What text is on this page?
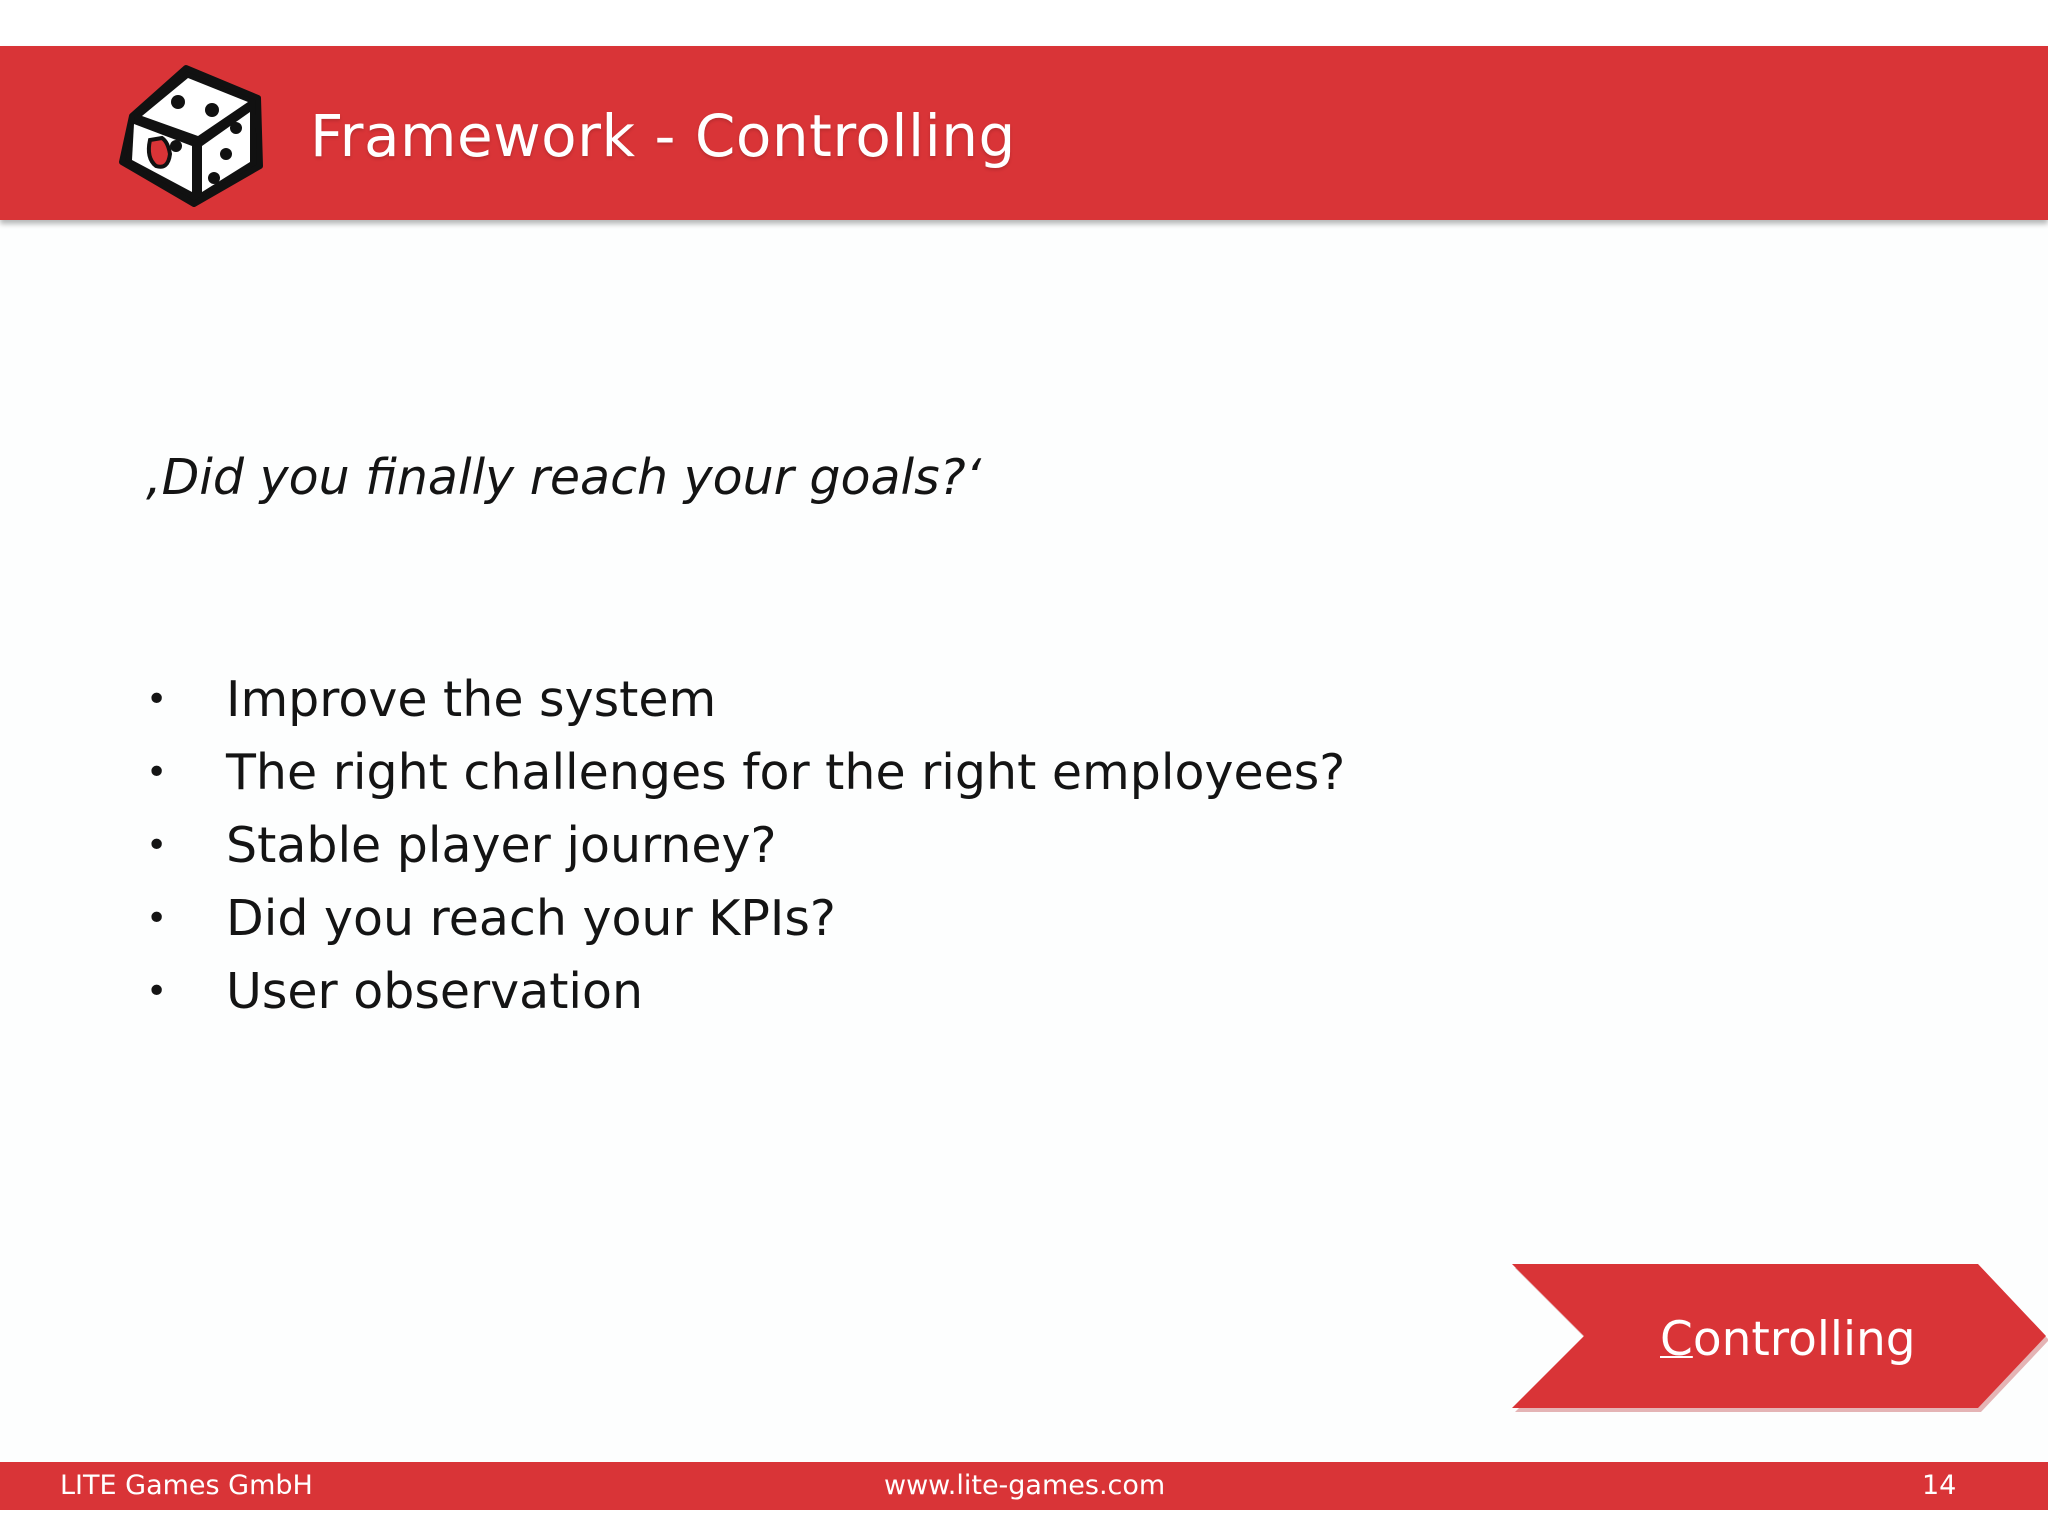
Framework - Controlling
‚Did you finally reach your goals?‘
• Improve the system
• The right challenges for the right employees?
• Stable player journey?
• Did you reach your KPIs?
• User observation
Controlling
LITE Games GmbH	www.lite-games.com	14
